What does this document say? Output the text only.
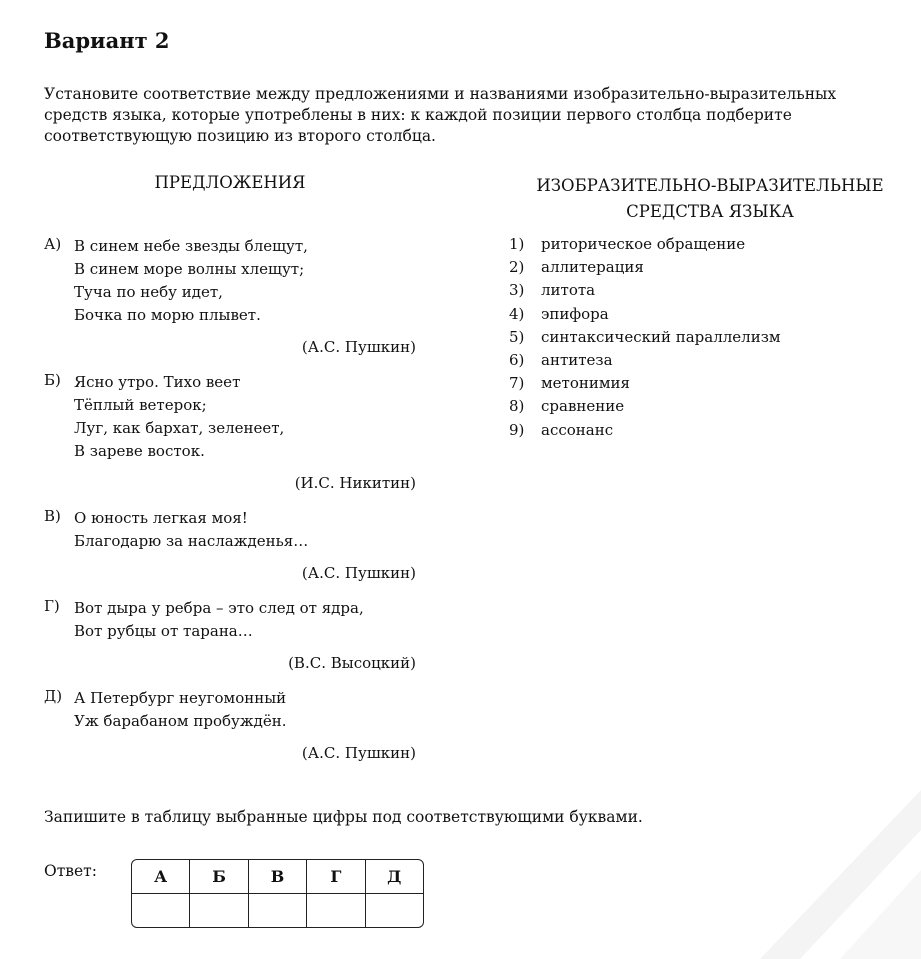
Вариант 2

Установите соответствие между предложениями и названиями изобразительно-выразительных средств языка, которые употреблены в них: к каждой позиции первого столбца подберите соответствующую позицию из второго столбца.

ПРЕДЛОЖЕНИЯ	ИЗОБРАЗИТЕЛЬНО-ВЫРАЗИТЕЛЬНЫЕ
СРЕДСТВА ЯЗЫКА
А) В синем небе звезды блещут,
В синем море волны хлещут;
Туча по небу идет,
Бочка по морю плывет.
(А.С. Пушкин)
Б) Ясно утро. Тихо веет
Тёплый ветерок;
Луг, как бархат, зеленеет,
В зареве восток.
(И.С. Никитин)
В) О юность легкая моя!
Благодарю за наслажденья…
(А.С. Пушкин)
Г) Вот дыра у ребра – это след от ядра,
Вот рубцы от тарана…
(В.С. Высоцкий)
Д) А Петербург неугомонный
Уж барабаном пробуждён.
(А.С. Пушкин)
1)	риторическое обращение
2)	аллитерация
3)	литота
4)	эпифора
5)	синтаксический параллелизм
6)	антитеза
7)	метонимия
8)	сравнение
9)	ассонанс
Запишите в таблицу выбранные цифры под соответствующими буквами.
Ответ:	А	Б	В	Г	Д
